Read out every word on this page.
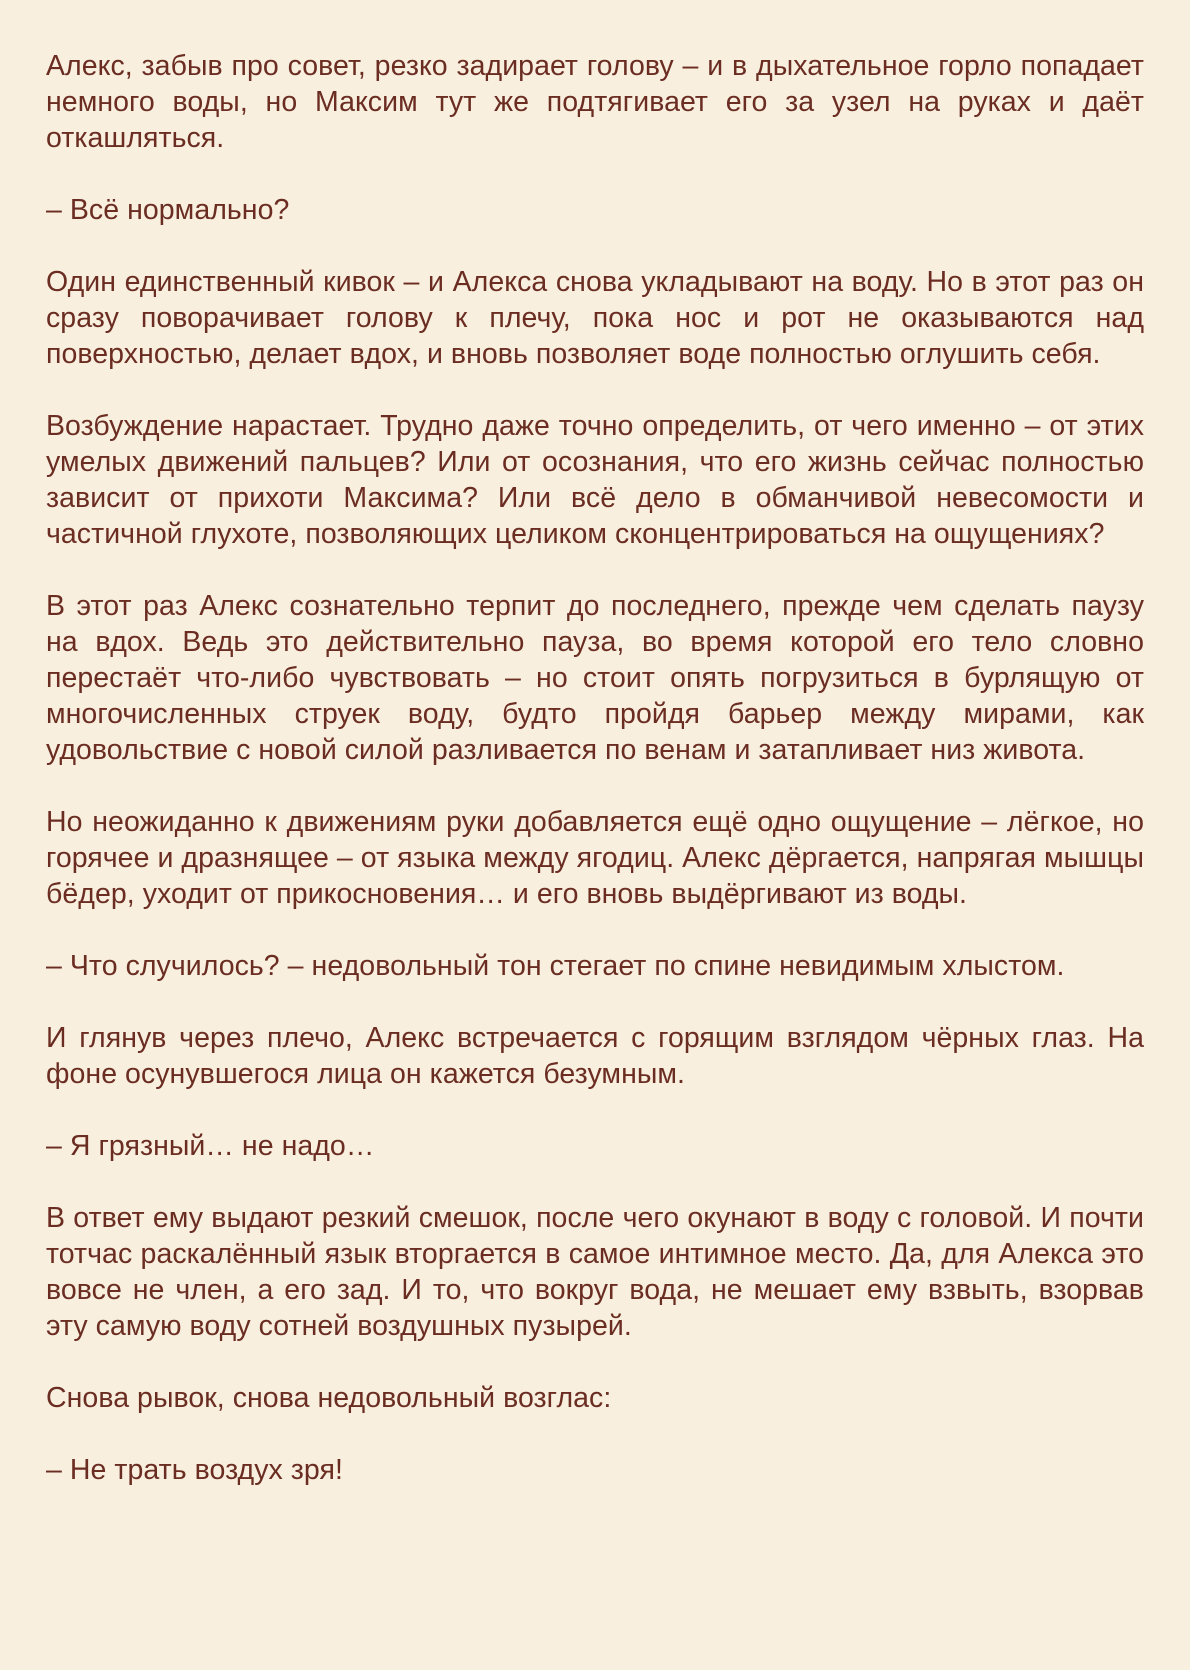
Алекс, забыв про совет, резко задирает голову – и в дыхательное горло попадает немного воды, но Максим тут же подтягивает его за узел на руках и даёт откашляться.

– Всё нормально?

Один единственный кивок – и Алекса снова укладывают на воду. Но в этот раз он сразу поворачивает голову к плечу, пока нос и рот не оказываются над поверхностью, делает вдох, и вновь позволяет воде полностью оглушить себя.

Возбуждение нарастает. Трудно даже точно определить, от чего именно – от этих умелых движений пальцев? Или от осознания, что его жизнь сейчас полностью зависит от прихоти Максима? Или всё дело в обманчивой невесомости и частичной глухоте, позволяющих целиком сконцентрироваться на ощущениях?

В этот раз Алекс сознательно терпит до последнего, прежде чем сделать паузу на вдох. Ведь это действительно пауза, во время которой его тело словно перестаёт что-либо чувствовать – но стоит опять погрузиться в бурлящую от многочисленных струек воду, будто пройдя барьер между мирами, как удовольствие с новой силой разливается по венам и затапливает низ живота.

Но неожиданно к движениям руки добавляется ещё одно ощущение – лёгкое, но горячее и дразнящее – от языка между ягодиц. Алекс дёргается, напрягая мышцы бёдер, уходит от прикосновения… и его вновь выдёргивают из воды.

– Что случилось? – недовольный тон стегает по спине невидимым хлыстом.

И глянув через плечо, Алекс встречается с горящим взглядом чёрных глаз. На фоне осунувшегося лица он кажется безумным.

– Я грязный… не надо…

В ответ ему выдают резкий смешок, после чего окунают в воду с головой. И почти тотчас раскалённый язык вторгается в самое интимное место. Да, для Алекса это вовсе не член, а его зад. И то, что вокруг вода, не мешает ему взвыть, взорвав эту самую воду сотней воздушных пузырей.

Снова рывок, снова недовольный возглас:

– Не трать воздух зря!
